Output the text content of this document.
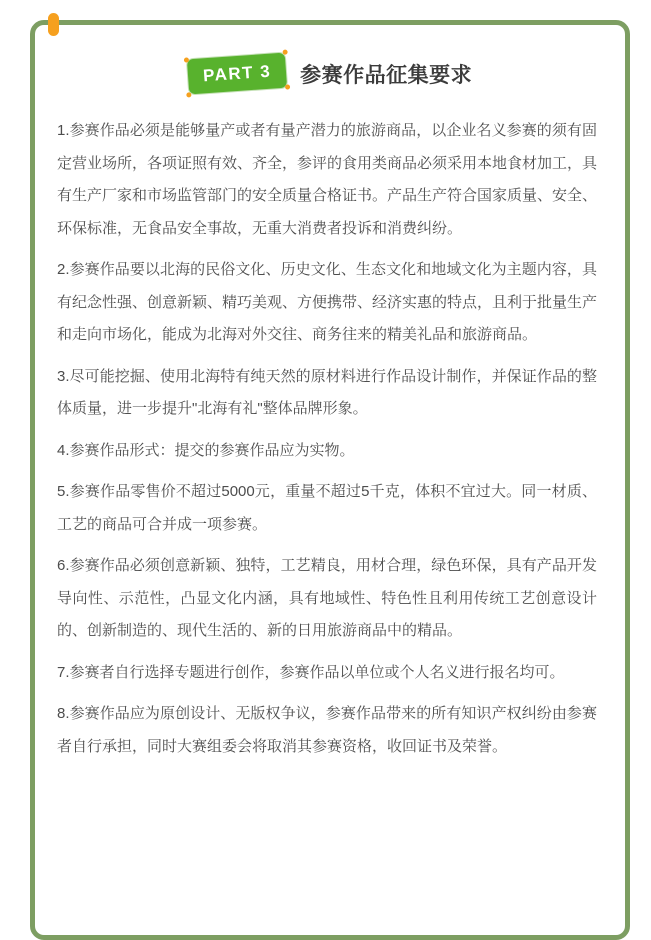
PART 3	参赛作品征集要求

1.参赛作品必须是能够量产或者有量产潜力的旅游商品，以企业名义参赛的须有固定营业场所，各项证照有效、齐全，参评的食用类商品必须采用本地食材加工，具有生产厂家和市场监管部门的安全质量合格证书。产品生产符合国家质量、安全、环保标准，无食品安全事故，无重大消费者投诉和消费纠纷。

2.参赛作品要以北海的民俗文化、历史文化、生态文化和地域文化为主题内容，具有纪念性强、创意新颖、精巧美观、方便携带、经济实惠的特点，且利于批量生产和走向市场化，能成为北海对外交往、商务往来的精美礼品和旅游商品。

3.尽可能挖掘、使用北海特有纯天然的原材料进行作品设计制作，并保证作品的整体质量，进一步提升"北海有礼"整体品牌形象。

4.参赛作品形式：提交的参赛作品应为实物。

5.参赛作品零售价不超过5000元，重量不超过5千克，体积不宜过大。同一材质、工艺的商品可合并成一项参赛。

6.参赛作品必须创意新颖、独特，工艺精良，用材合理，绿色环保，具有产品开发导向性、示范性，凸显文化内涵，具有地域性、特色性且利用传统工艺创意设计的、创新制造的、现代生活的、新的日用旅游商品中的精品。

7.参赛者自行选择专题进行创作，参赛作品以单位或个人名义进行报名均可。

8.参赛作品应为原创设计、无版权争议，参赛作品带来的所有知识产权纠纷由参赛者自行承担，同时大赛组委会将取消其参赛资格，收回证书及荣誉。
